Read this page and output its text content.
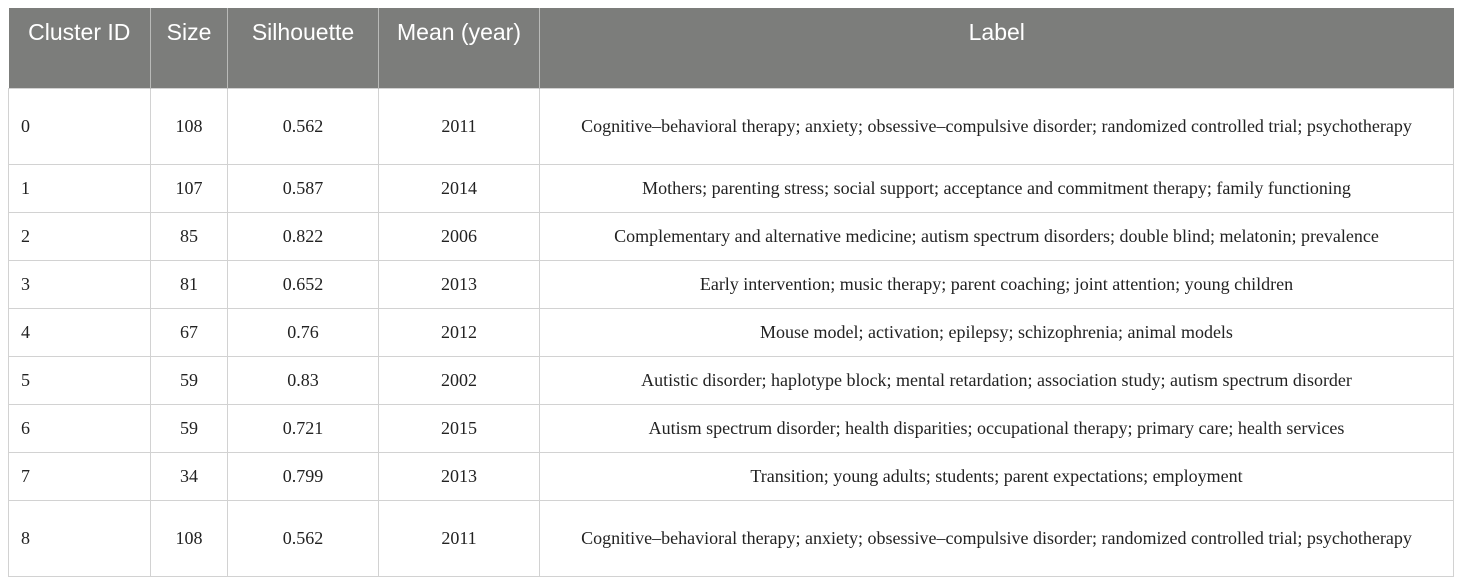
Cluster ID	Size	Silhouette	Mean (year)	Label
0	108	0.562	2011	Cognitive–behavioral therapy; anxiety; obsessive–compulsive disorder; randomized controlled trial; psychotherapy
1	107	0.587	2014	Mothers; parenting stress; social support; acceptance and commitment therapy; family functioning
2	85	0.822	2006	Complementary and alternative medicine; autism spectrum disorders; double blind; melatonin; prevalence
3	81	0.652	2013	Early intervention; music therapy; parent coaching; joint attention; young children
4	67	0.76	2012	Mouse model; activation; epilepsy; schizophrenia; animal models
5	59	0.83	2002	Autistic disorder; haplotype block; mental retardation; association study; autism spectrum disorder
6	59	0.721	2015	Autism spectrum disorder; health disparities; occupational therapy; primary care; health services
7	34	0.799	2013	Transition; young adults; students; parent expectations; employment
8	108	0.562	2011	Cognitive–behavioral therapy; anxiety; obsessive–compulsive disorder; randomized controlled trial; psychotherapy
